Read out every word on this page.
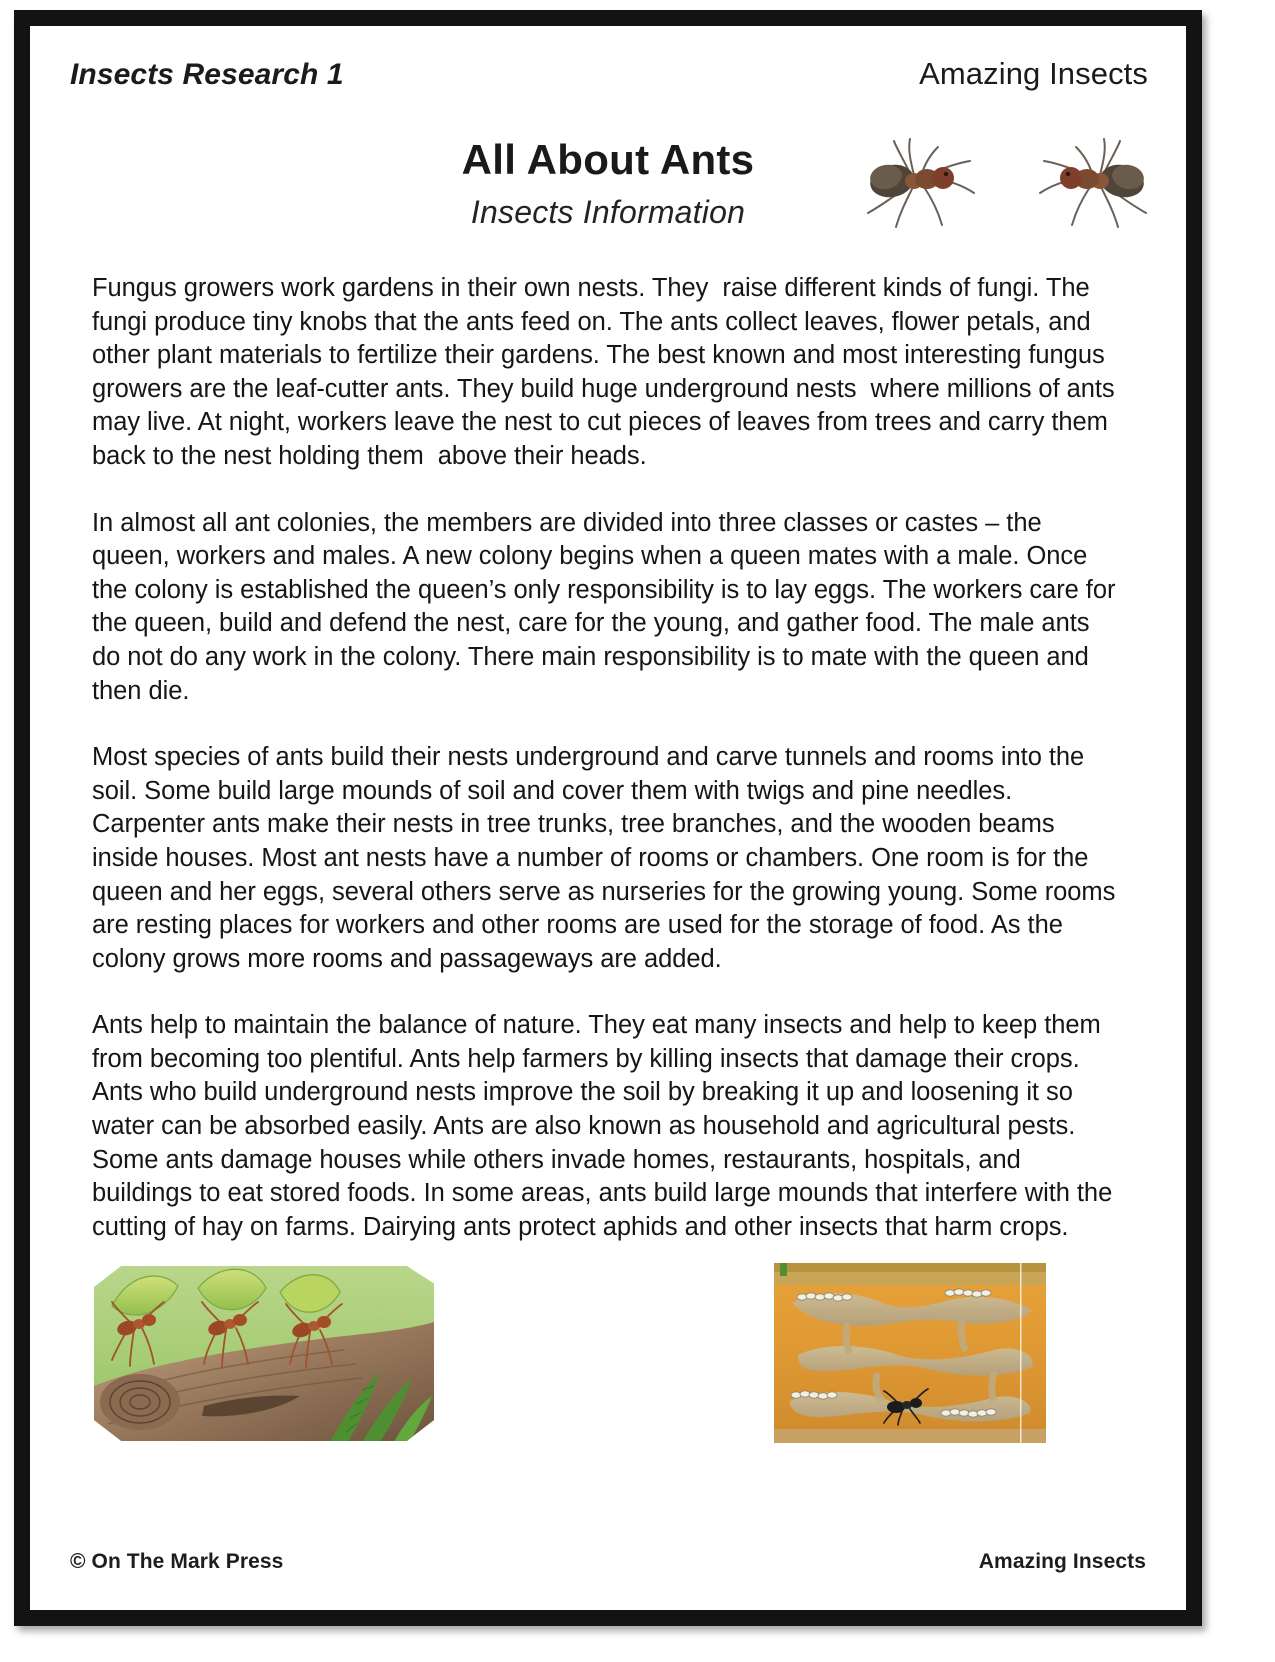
Insects Research 1	Amazing Insects
All About Ants
Insects Information

Fungus growers work gardens in their own nests. They  raise different kinds of fungi. The fungi produce tiny knobs that the ants feed on. The ants collect leaves, flower petals, and other plant materials to fertilize their gardens. The best known and most interesting fungus growers are the leaf-cutter ants. They build huge underground nests  where millions of ants may live. At night, workers leave the nest to cut pieces of leaves from trees and carry them back to the nest holding them  above their heads.

In almost all ant colonies, the members are divided into three classes or castes – the queen, workers and males. A new colony begins when a queen mates with a male. Once the colony is established the queen’s only responsibility is to lay eggs. The workers care for the queen, build and defend the nest, care for the young, and gather food. The male ants do not do any work in the colony. There main responsibility is to mate with the queen and then die.

Most species of ants build their nests underground and carve tunnels and rooms into the soil. Some build large mounds of soil and cover them with twigs and pine needles. Carpenter ants make their nests in tree trunks, tree branches, and the wooden beams inside houses. Most ant nests have a number of rooms or chambers. One room is for the queen and her eggs, several others serve as nurseries for the growing young. Some rooms are resting places for workers and other rooms are used for the storage of food. As the colony grows more rooms and passageways are added.

Ants help to maintain the balance of nature. They eat many insects and help to keep them from becoming too plentiful. Ants help farmers by killing insects that damage their crops. Ants who build underground nests improve the soil by breaking it up and loosening it so water can be absorbed easily. Ants are also known as household and agricultural pests. Some ants damage houses while others invade homes, restaurants, hospitals, and buildings to eat stored foods. In some areas, ants build large mounds that interfere with the cutting of hay on farms. Dairying ants protect aphids and other insects that harm crops.

© On The Mark Press	Amazing Insects
